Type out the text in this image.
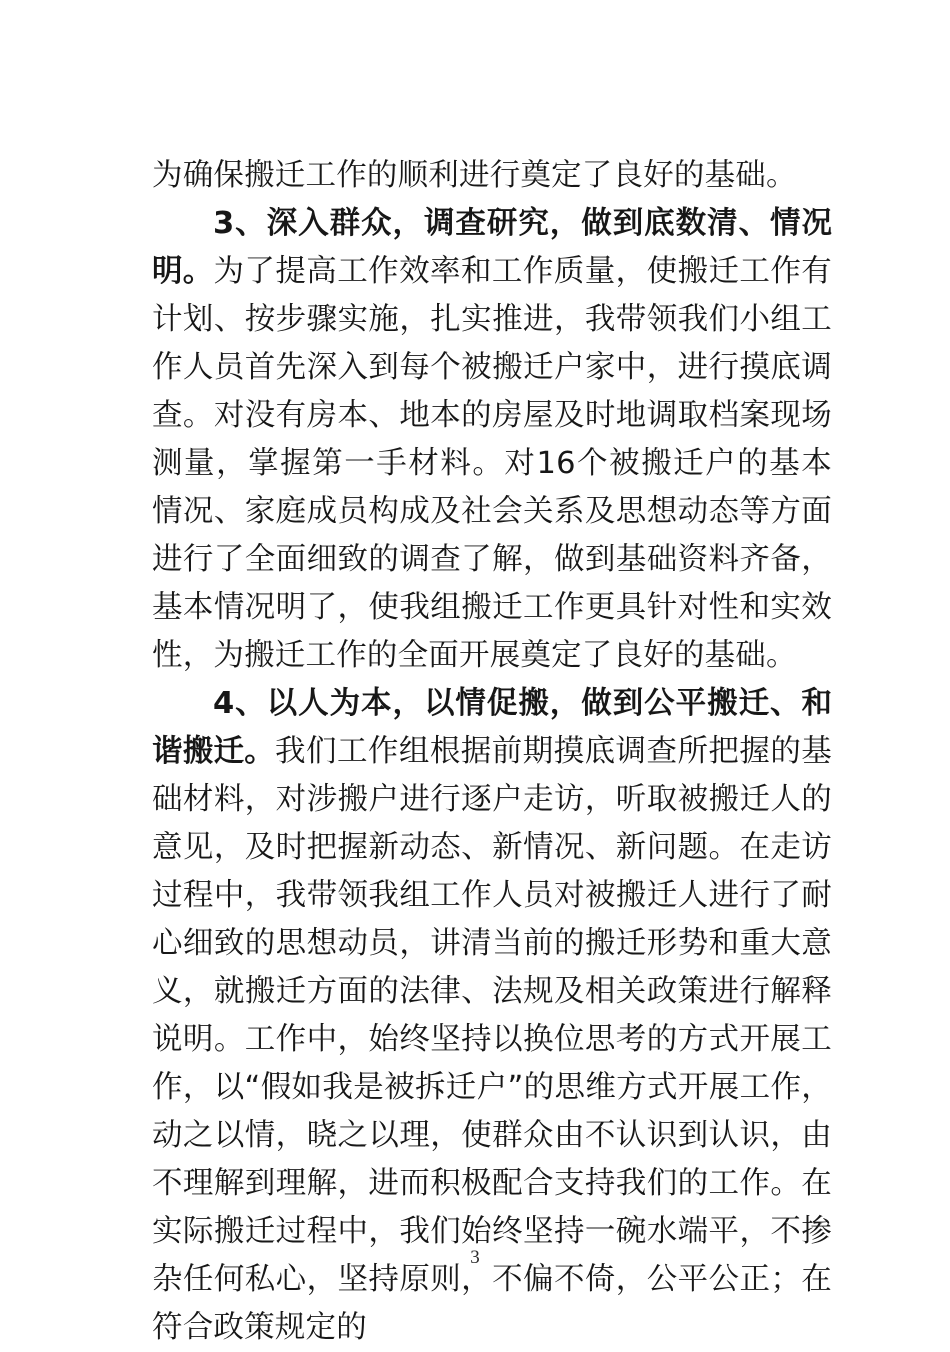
为确保搬迁工作的顺利进行奠定了良好的基础。

3、深入群众，调查研究，做到底数清、情况明。为了提高工作效率和工作质量，使搬迁工作有计划、按步骤实施，扎实推进，我带领我们小组工作人员首先深入到每个被搬迁户家中，进行摸底调查。对没有房本、地本的房屋及时地调取档案现场测量，掌握第一手材料。对16个被搬迁户的基本情况、家庭成员构成及社会关系及思想动态等方面进行了全面细致的调查了解，做到基础资料齐备，基本情况明了，使我组搬迁工作更具针对性和实效性，为搬迁工作的全面开展奠定了良好的基础。

4、以人为本，以情促搬，做到公平搬迁、和谐搬迁。我们工作组根据前期摸底调查所把握的基础材料，对涉搬户进行逐户走访，听取被搬迁人的意见，及时把握新动态、新情况、新问题。在走访过程中，我带领我组工作人员对被搬迁人进行了耐心细致的思想动员，讲清当前的搬迁形势和重大意义，就搬迁方面的法律、法规及相关政策进行解释说明。工作中，始终坚持以换位思考的方式开展工作，以“假如我是被拆迁户”的思维方式开展工作，动之以情，晓之以理，使群众由不认识到认识，由不理解到理解，进而积极配合支持我们的工作。在实际搬迁过程中，我们始终坚持一碗水端平，不掺杂任何私心，坚持原则，不偏不倚，公平公正；在符合政策规定的

3
